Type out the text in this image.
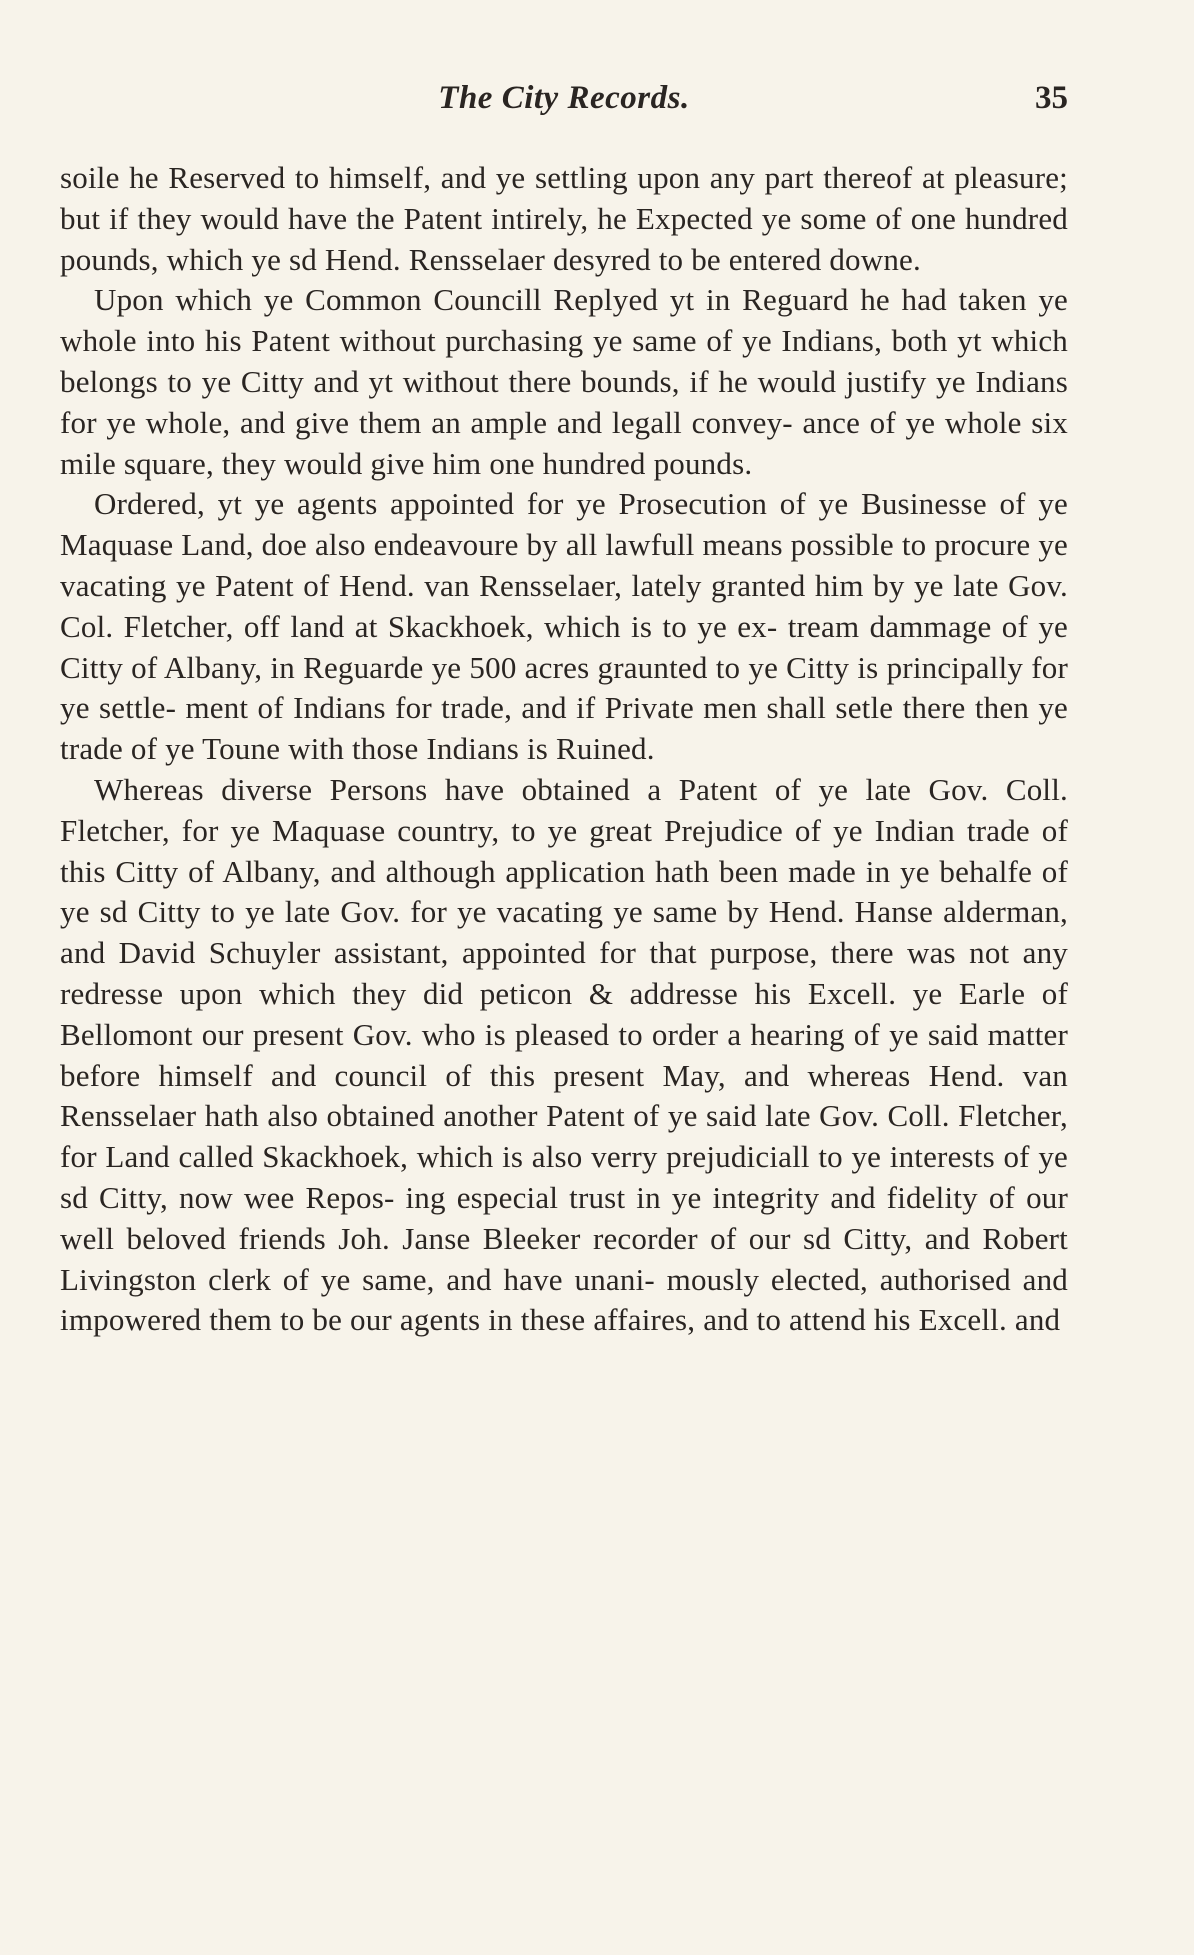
The City Records.	35

soile he Reserved to himself, and ye settling upon any part thereof at pleasure; but if they would have the Patent intirely, he Expected ye some of one hundred pounds, which ye sd Hend. Rensselaer desyred to be entered downe.

Upon which ye Common Councill Replyed yt in Reguard he had taken ye whole into his Patent without purchasing ye same of ye Indians, both yt which belongs to ye Citty and yt without there bounds, if he would justify ye Indians for ye whole, and give them an ample and legall convey- ance of ye whole six mile square, they would give him one hundred pounds.

Ordered, yt ye agents appointed for ye Prosecution of ye Businesse of ye Maquase Land, doe also endeavoure by all lawfull means possible to procure ye vacating ye Patent of Hend. van Rensselaer, lately granted him by ye late Gov. Col. Fletcher, off land at Skackhoek, which is to ye ex- tream dammage of ye Citty of Albany, in Reguarde ye 500 acres graunted to ye Citty is principally for ye settle- ment of Indians for trade, and if Private men shall setle there then ye trade of ye Toune with those Indians is Ruined.

Whereas diverse Persons have obtained a Patent of ye late Gov. Coll. Fletcher, for ye Maquase country, to ye great Prejudice of ye Indian trade of this Citty of Albany, and although application hath been made in ye behalfe of ye sd Citty to ye late Gov. for ye vacating ye same by Hend. Hanse alderman, and David Schuyler assistant, appointed for that purpose, there was not any redresse upon which they did peticon & addresse his Excell. ye Earle of Bellomont our present Gov. who is pleased to order a hearing of ye said matter before himself and council of this present May, and whereas Hend. van Rensselaer hath also obtained another Patent of ye said late Gov. Coll. Fletcher, for Land called Skackhoek, which is also verry prejudiciall to ye interests of ye sd Citty, now wee Repos- ing especial trust in ye integrity and fidelity of our well beloved friends Joh. Janse Bleeker recorder of our sd Citty, and Robert Livingston clerk of ye same, and have unani- mously elected, authorised and impowered them to be our agents in these affaires, and to attend his Excell. and
